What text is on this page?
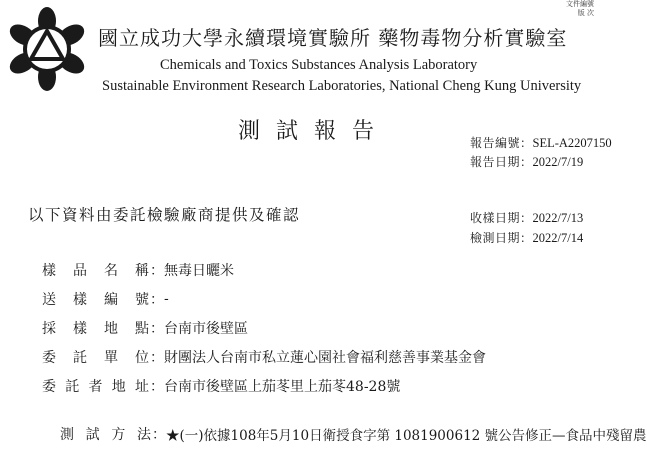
文件編號
版 次
國立成功大學永續環境實驗所 藥物毒物分析實驗室
Chemicals and Toxics Substances Analysis Laboratory
Sustainable Environment Research Laboratories, National Cheng Kung University
測試報告	報告編號：SEL-A2207150
報告日期：2022/7/19
以下資料由委託檢驗廠商提供及確認	收樣日期：2022/7/13
檢測日期：2022/7/14
樣品名稱 ： 無毒日曬米
送樣編號 ： -
採樣地點 ： 台南市後壁區
委託單位 ： 財團法人台南市私立蓮心園社會福利慈善事業基金會
委託者地址 ： 台南市後壁區上茄苳里上茄苳48-28號
測試方法 ： ★(一)依據108年5月10日衛授食字第 1081900612 號公告修正—食品中殘留農
